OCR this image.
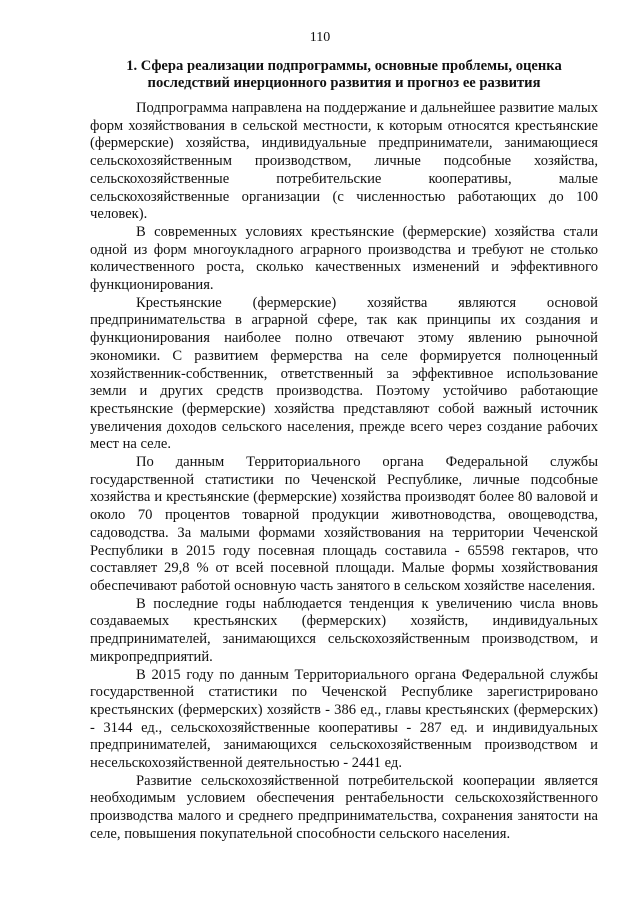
110
1. Сфера реализации подпрограммы, основные проблемы, оценка
последствий инерционного развития и прогноз ее развития

Подпрограмма направлена на поддержание и дальнейшее развитие малых форм хозяйствования в сельской местности, к которым относятся крестьянские (фермерские) хозяйства, индивидуальные предприниматели, занимающиеся сельскохозяйственным производством, личные подсобные хозяйства, сельскохозяйственные потребительские кооперативы, малые сельскохозяйственные организации (с численностью работающих до 100 человек).

В современных условиях крестьянские (фермерские) хозяйства стали одной из форм многоукладного аграрного производства и требуют не столько количественного роста, сколько качественных изменений и эффективного функционирования.

Крестьянские (фермерские) хозяйства являются основой предпринимательства в аграрной сфере, так как принципы их создания и функционирования наиболее полно отвечают этому явлению рыночной экономики. С развитием фермерства на селе формируется полноценный хозяйственник-собственник, ответственный за эффективное использование земли и других средств производства. Поэтому устойчиво работающие крестьянские (фермерские) хозяйства представляют собой важный источник увеличения доходов сельского населения, прежде всего через создание рабочих мест на селе.

По данным Территориального органа Федеральной службы государственной статистики по Чеченской Республике, личные подсобные хозяйства и крестьянские (фермерские) хозяйства производят более 80 валовой и около 70 процентов товарной продукции животноводства, овощеводства, садоводства. За малыми формами хозяйствования на территории Чеченской Республики в 2015 году посевная площадь составила - 65598 гектаров, что составляет 29,8 % от всей посевной площади. Малые формы хозяйствования обеспечивают работой основную часть занятого в сельском хозяйстве населения.

В последние годы наблюдается тенденция к увеличению числа вновь создаваемых крестьянских (фермерских) хозяйств, индивидуальных предпринимателей, занимающихся сельскохозяйственным производством, и микропредприятий.

В 2015 году по данным Территориального органа Федеральной службы государственной статистики по Чеченской Республике зарегистрировано крестьянских (фермерских) хозяйств - 386 ед., главы крестьянских (фермерских) - 3144 ед., сельскохозяйственные кооперативы - 287 ед. и индивидуальных предпринимателей, занимающихся сельскохозяйственным производством и несельскохозяйственной деятельностью - 2441 ед.

Развитие сельскохозяйственной потребительской кооперации является необходимым условием обеспечения рентабельности сельскохозяйственного производства малого и среднего предпринимательства, сохранения занятости на селе, повышения покупательной способности сельского населения.
